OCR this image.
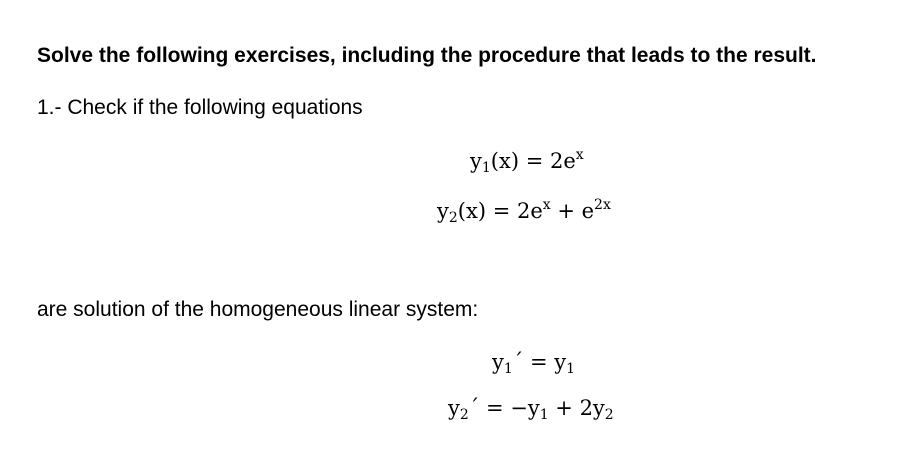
Solve the following exercises, including the procedure that leads to the result.
1.- Check if the following equations
$y_1(x) = 2e^x$
$y_2(x) = 2e^x + e^{2x}$
are solution of the homogeneous linear system:
$y_1´ = y_1$
$y_2´ = -y_1 + 2y_2$
